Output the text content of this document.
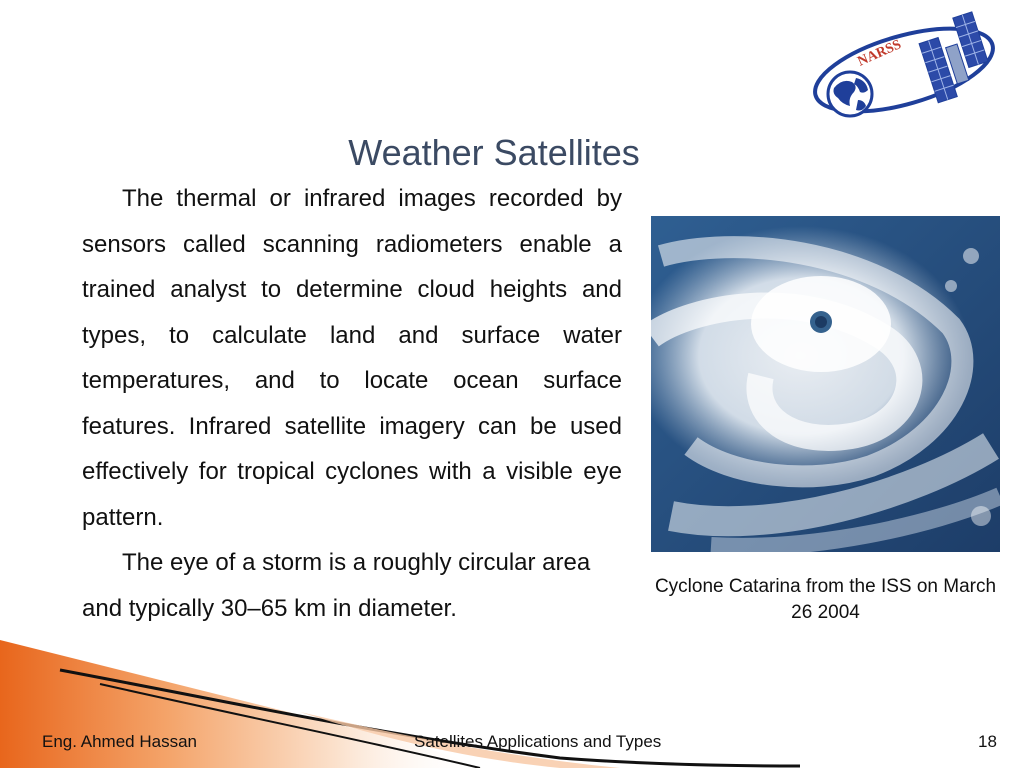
NARSS
Weather Satellites

The thermal or infrared images recorded by sensors called scanning radiometers enable a trained analyst to determine cloud heights and types, to calculate land and surface water temperatures, and to locate ocean surface features. Infrared satellite imagery can be used effectively for tropical cyclones with a visible eye pattern.

The eye of a storm is a roughly circular area and typically 30–65 km in diameter.

Cyclone Catarina from the ISS on March 26 2004
Eng. Ahmed Hassan	Satellites Applications and Types	18
